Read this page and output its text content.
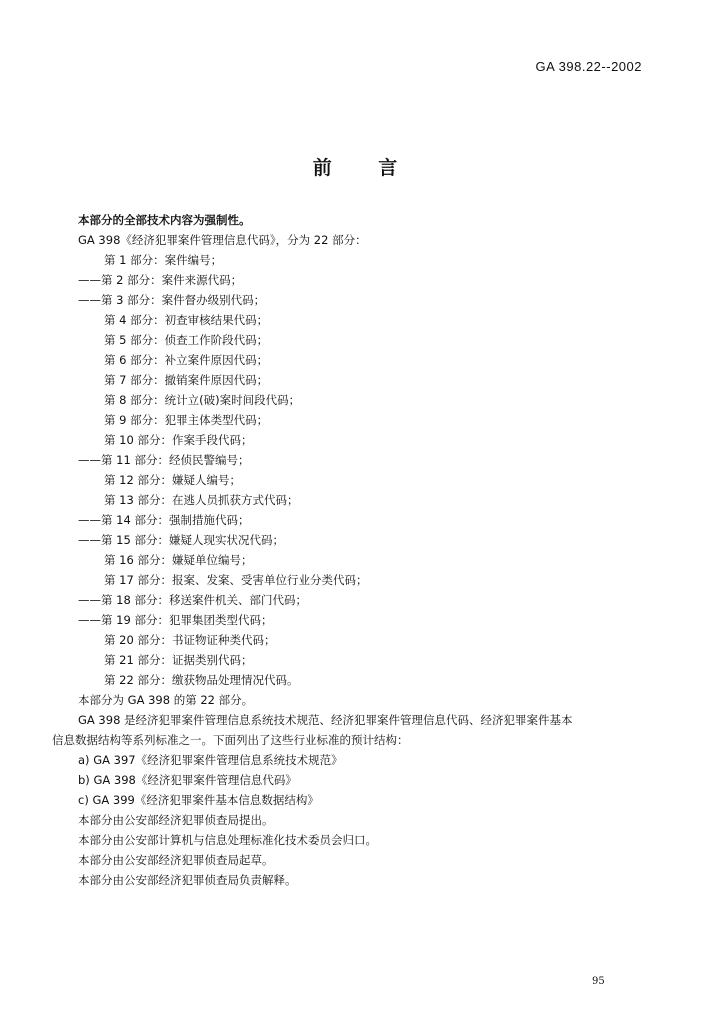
GA 398.22--2002
前 言
本部分的全部技术内容为强制性。
GA 398《经济犯罪案件管理信息代码》，分为 22 部分：
第 1 部分：案件编号；
——第 2 部分：案件来源代码；
——第 3 部分：案件督办级别代码；
第 4 部分：初查审核结果代码；
第 5 部分：侦查工作阶段代码；
第 6 部分：补立案件原因代码；
第 7 部分：撤销案件原因代码；
第 8 部分：统计立(破)案时间段代码；
第 9 部分：犯罪主体类型代码；
第 10 部分：作案手段代码；
——第 11 部分：经侦民警编号；
第 12 部分：嫌疑人编号；
第 13 部分：在逃人员抓获方式代码；
——第 14 部分：强制措施代码；
——第 15 部分：嫌疑人现实状况代码；
第 16 部分：嫌疑单位编号；
第 17 部分：报案、发案、受害单位行业分类代码；
——第 18 部分：移送案件机关、部门代码；
——第 19 部分：犯罪集团类型代码；
第 20 部分：书证物证种类代码；
第 21 部分：证据类别代码；
第 22 部分：缴获物品处理情况代码。
本部分为 GA 398 的第 22 部分。
GA 398 是经济犯罪案件管理信息系统技术规范、经济犯罪案件管理信息代码、经济犯罪案件基本
信息数据结构等系列标准之一。下面列出了这些行业标准的预计结构：
a) GA 397《经济犯罪案件管理信息系统技术规范》
b) GA 398《经济犯罪案件管理信息代码》
c) GA 399《经济犯罪案件基本信息数据结构》
本部分由公安部经济犯罪侦查局提出。
本部分由公安部计算机与信息处理标准化技术委员会归口。
本部分由公安部经济犯罪侦查局起草。
本部分由公安部经济犯罪侦查局负责解释。
95
